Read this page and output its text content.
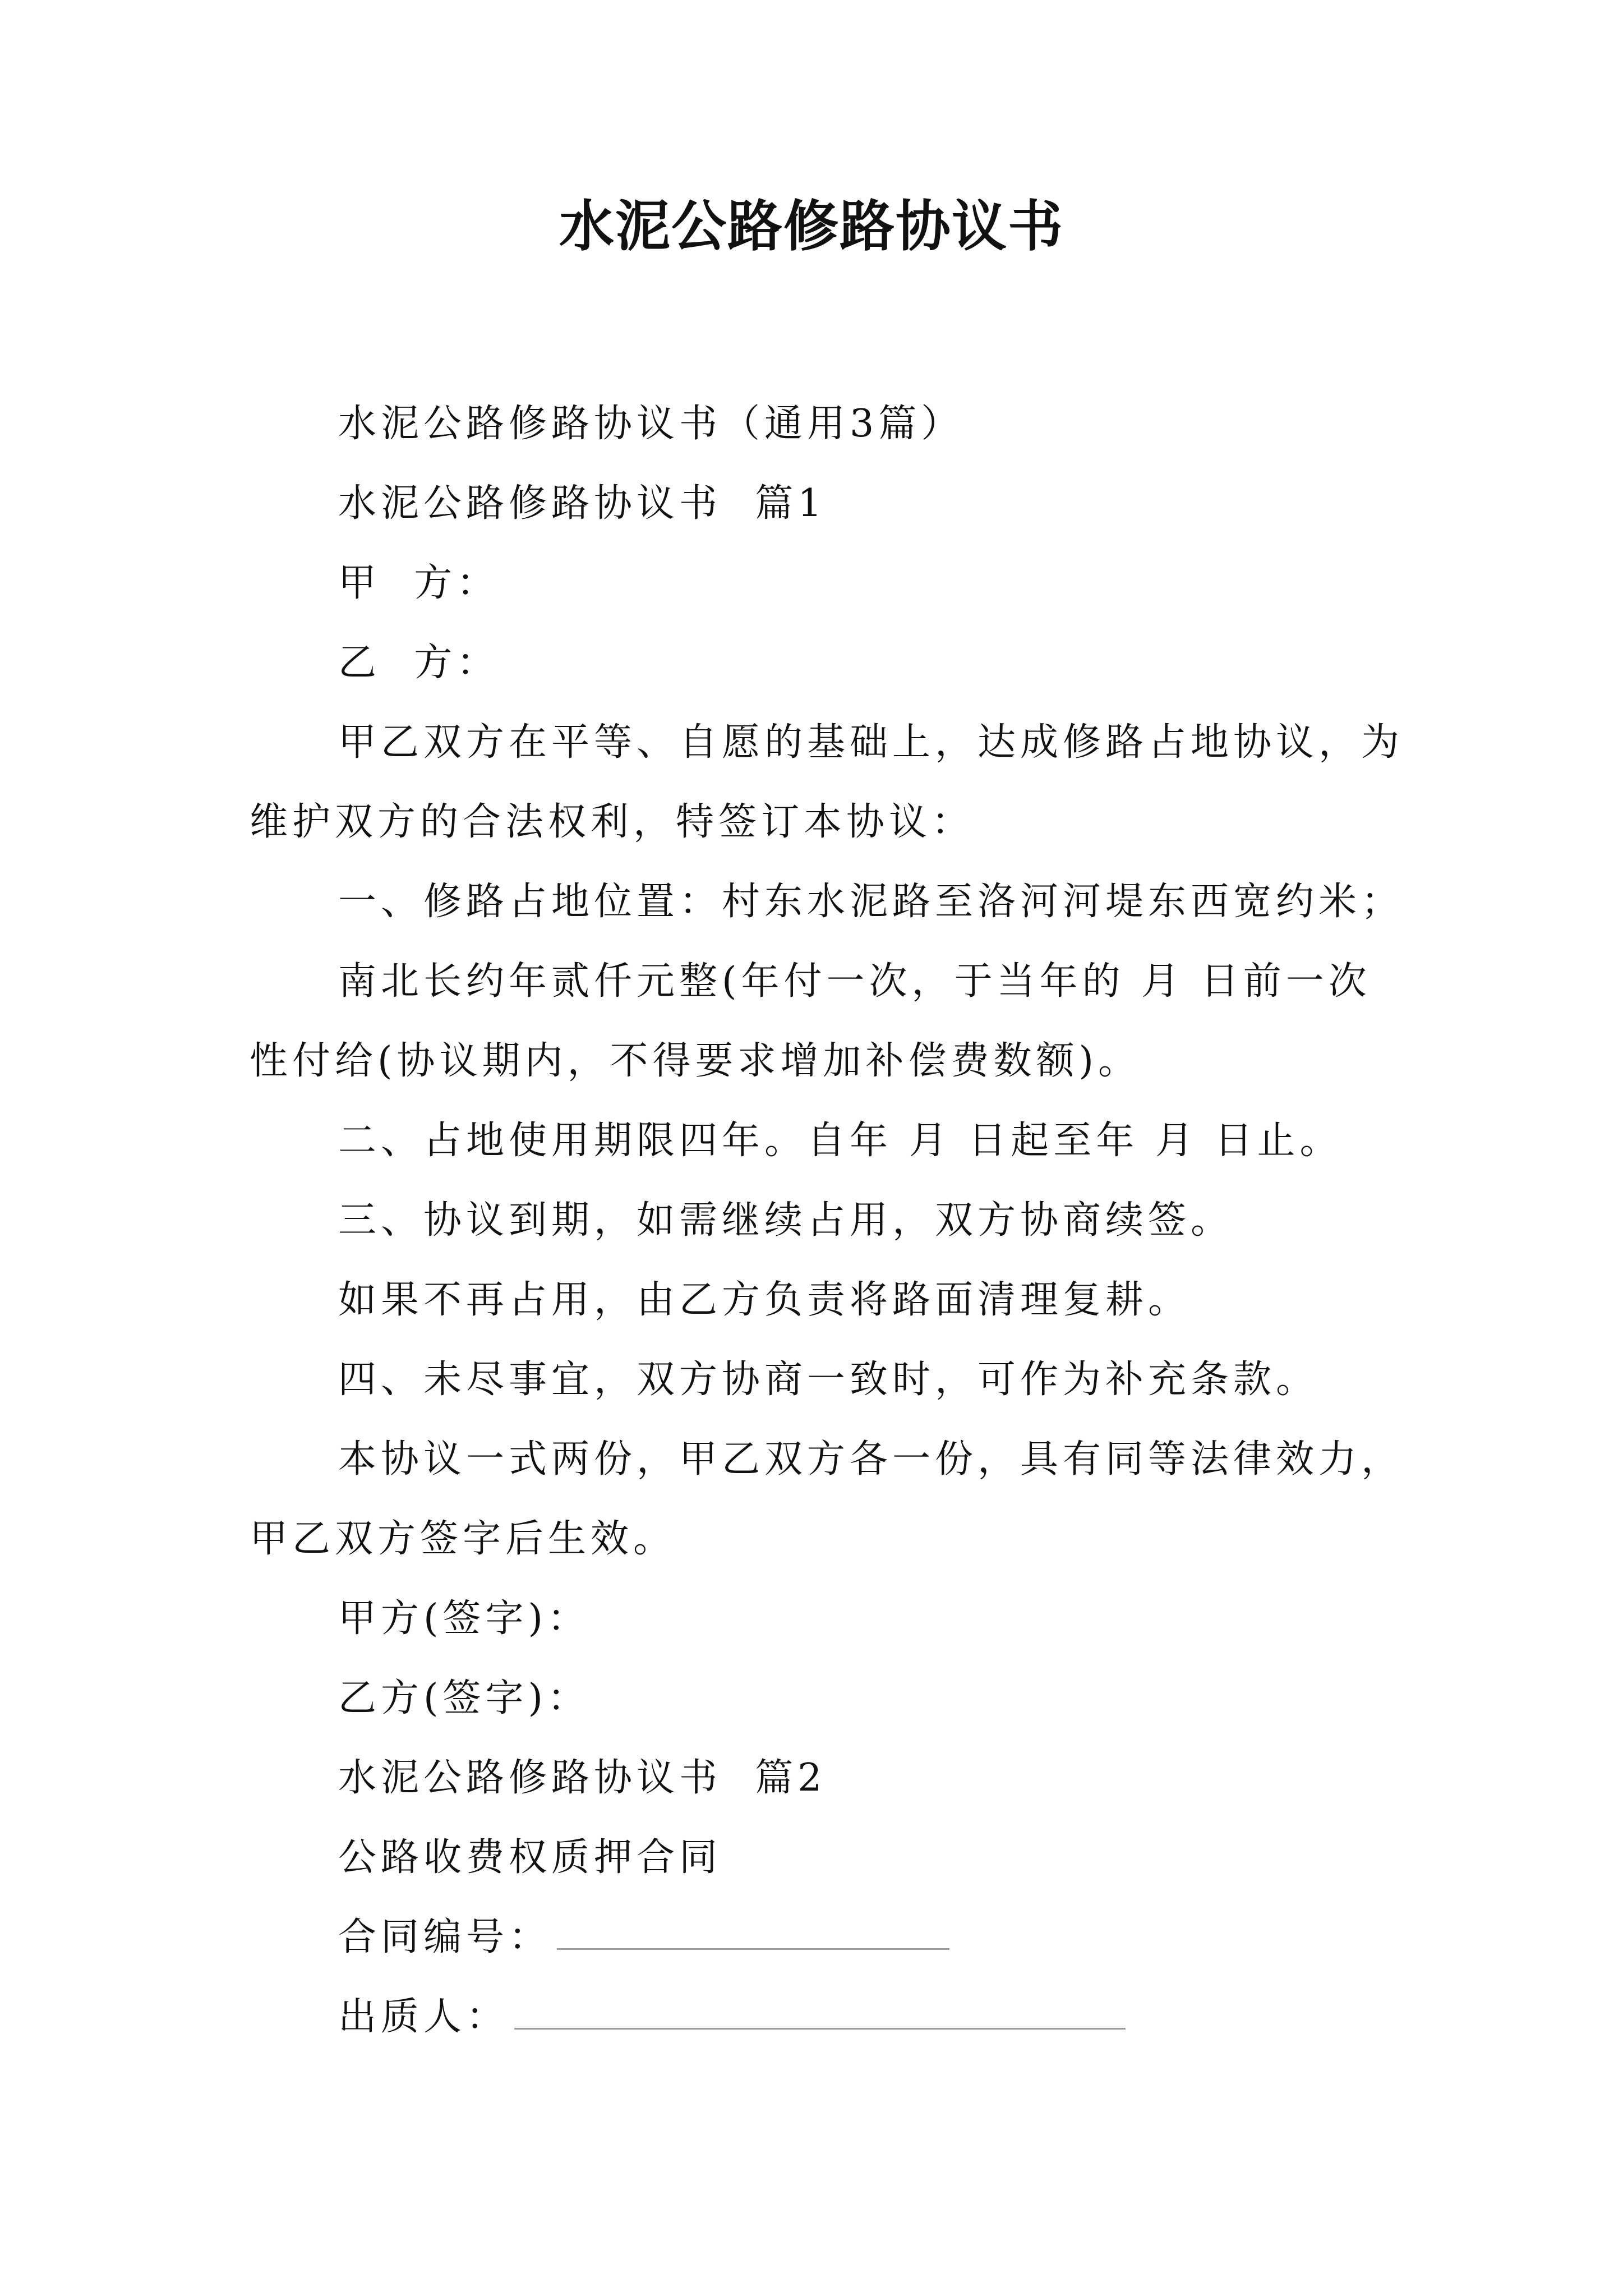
水泥公路修路协议书

水泥公路修路协议书（通用3篇）

水泥公路修路协议书  篇1

甲  方：

乙  方：

甲乙双方在平等、自愿的基础上，达成修路占地协议，为维护双方的合法权利，特签订本协议：

一、修路占地位置：村东水泥路至洛河河堤东西宽约米；

南北长约年贰仟元整(年付一次，于当年的 月 日前一次性付给(协议期内，不得要求增加补偿费数额)。

二、占地使用期限四年。自年 月 日起至年 月 日止。

三、协议到期，如需继续占用，双方协商续签。

如果不再占用，由乙方负责将路面清理复耕。

四、未尽事宜，双方协商一致时，可作为补充条款。

本协议一式两份，甲乙双方各一份，具有同等法律效力，甲乙双方签字后生效。

甲方(签字)：

乙方(签字)：

水泥公路修路协议书  篇2

公路收费权质押合同

合同编号：

出质人：
